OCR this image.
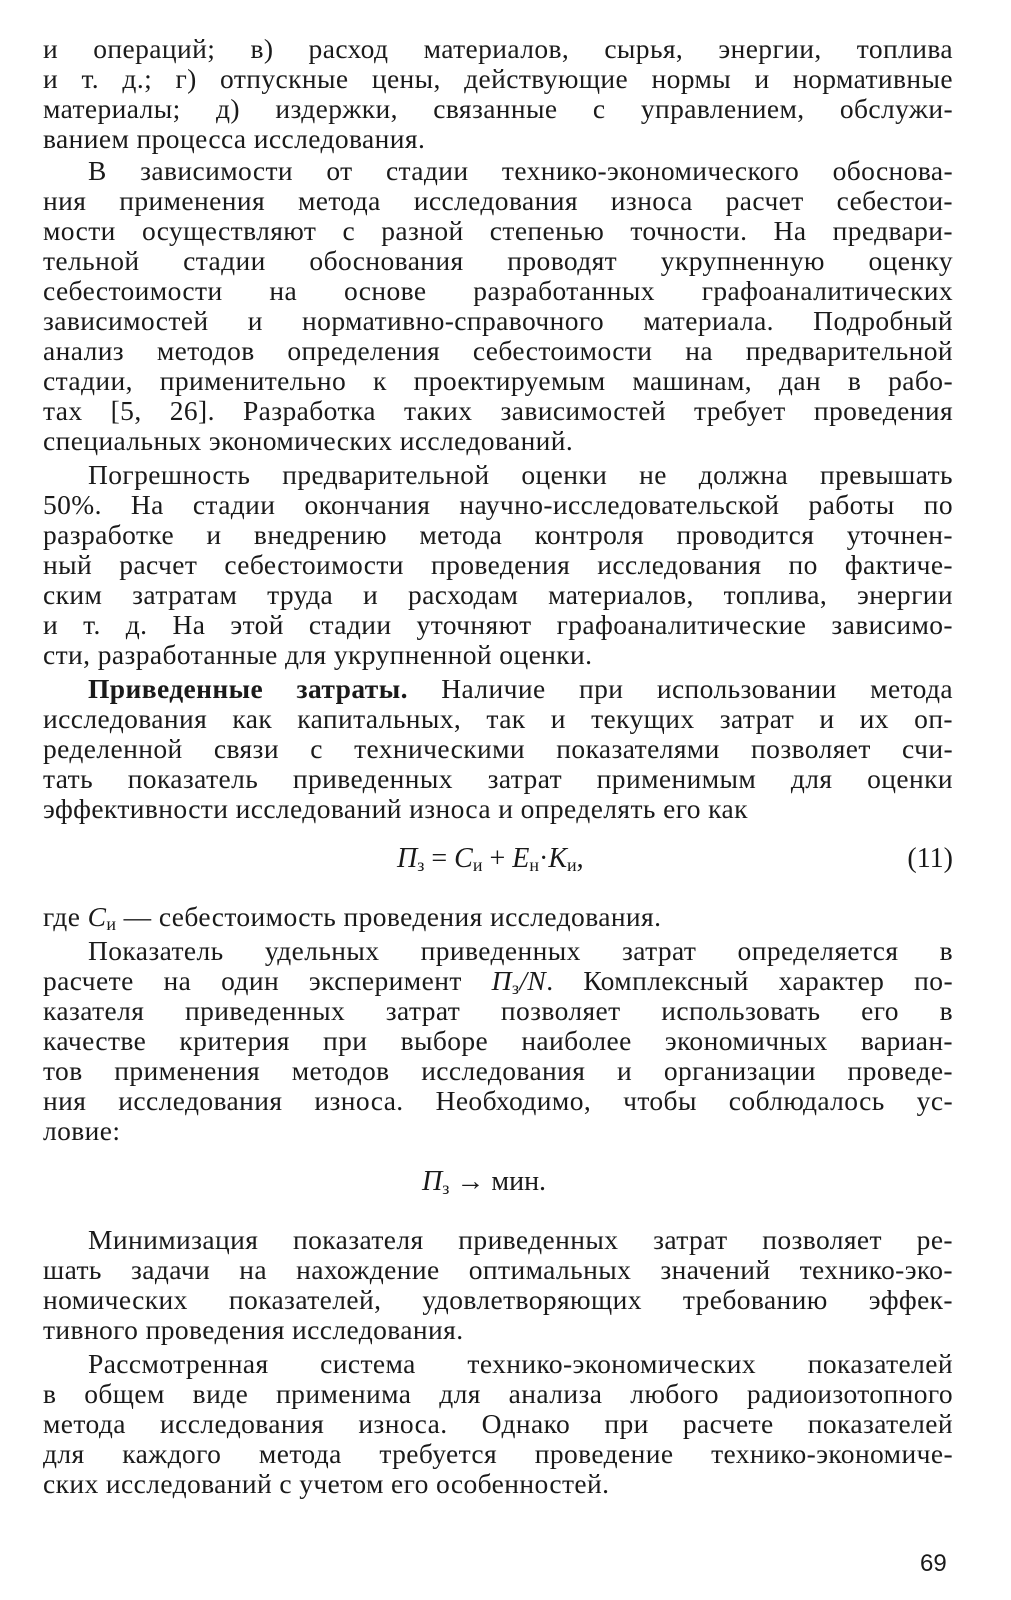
и операций; в) расход материалов, сырья, энергии, топлива
и т. д.; г) отпускные цены, действующие нормы и нормативные
материалы; д) издержки, связанные с управлением, обслужи-
ванием процесса исследования.
В зависимости от стадии технико-экономического обоснова-
ния применения метода исследования износа расчет себестои-
мости осуществляют с разной степенью точности. На предвари-
тельной стадии обоснования проводят укрупненную оценку
себестоимости на основе разработанных графоаналитических
зависимостей и нормативно-справочного материала. Подробный
анализ методов определения себестоимости на предварительной
стадии, применительно к проектируемым машинам, дан в рабо-
тах [5, 26]. Разработка таких зависимостей требует проведения
специальных экономических исследований.
Погрешность предварительной оценки не должна превышать
50%. На стадии окончания научно-исследовательской работы по
разработке и внедрению метода контроля проводится уточнен-
ный расчет себестоимости проведения исследования по фактиче-
ским затратам труда и расходам материалов, топлива, энергии
и т. д. На этой стадии уточняют графоаналитические зависимо-
сти, разработанные для укрупненной оценки.
Приведенные затраты. Наличие при использовании метода
исследования как капитальных, так и текущих затрат и их оп-
ределенной связи с техническими показателями позволяет счи-
тать показатель приведенных затрат применимым для оценки
эффективности исследований износа и определять его как
$П_з = С_и + Е_н\cdot К_и$,	(11)
где $С_и$ — себестоимость проведения исследования.
Показатель удельных приведенных затрат определяется в
расчете на один эксперимент $П_з/N$. Комплексный характер по-
казателя приведенных затрат позволяет использовать его в
качестве критерия при выборе наиболее экономичных вариан-
тов применения методов исследования и организации проведе-
ния исследования износа. Необходимо, чтобы соблюдалось ус-
ловие:
$П_з$ → мин.
Минимизация показателя приведенных затрат позволяет ре-
шать задачи на нахождение оптимальных значений технико-эко-
номических показателей, удовлетворяющих требованию эффек-
тивного проведения исследования.
Рассмотренная система технико-экономических показателей
в общем виде применима для анализа любого радиоизотопного
метода исследования износа. Однако при расчете показателей
для каждого метода требуется проведение технико-экономиче-
ских исследований с учетом его особенностей.
69
